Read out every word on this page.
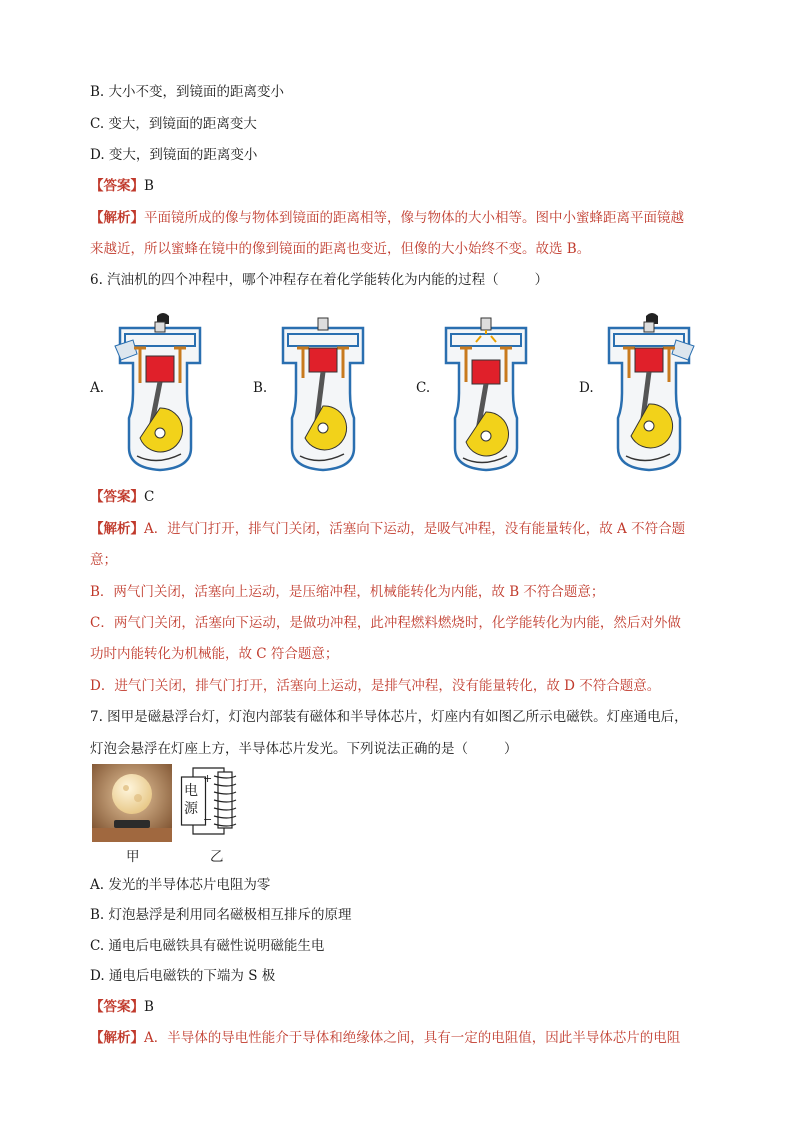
B. 大小不变，到镜面的距离变小
C. 变大，到镜面的距离变大
D. 变大，到镜面的距离变小
【答案】B
【解析】平面镜所成的像与物体到镜面的距离相等，像与物体的大小相等。图中小蜜蜂距离平面镜越
来越近，所以蜜蜂在镜中的像到镜面的距离也变近，但像的大小始终不变。故选 B。
6. 汽油机的四个冲程中，哪个冲程存在着化学能转化为内能的过程（	）
A.	B.	C.	D.
【答案】C
【解析】A．进气门打开，排气门关闭，活塞向下运动，是吸气冲程，没有能量转化，故 A 不符合题
意；
B．两气门关闭，活塞向上运动，是压缩冲程，机械能转化为内能，故 B 不符合题意；
C．两气门关闭，活塞向下运动，是做功冲程，此冲程燃料燃烧时，化学能转化为内能，然后对外做
功时内能转化为机械能，故 C 符合题意；
D．进气门关闭，排气门打开，活塞向上运动，是排气冲程，没有能量转化，故 D 不符合题意。
7. 图甲是磁悬浮台灯，灯泡内部装有磁体和半导体芯片，灯座内有如图乙所示电磁铁。灯座通电后，
灯泡会悬浮在灯座上方，半导体芯片发光。下列说法正确的是（	）
甲
电
源
+
−
乙
A. 发光的半导体芯片电阻为零
B. 灯泡悬浮是利用同名磁极相互排斥的原理
C. 通电后电磁铁具有磁性说明磁能生电
D. 通电后电磁铁的下端为 S 极
【答案】B
【解析】A．半导体的导电性能介于导体和绝缘体之间，具有一定的电阻值，因此半导体芯片的电阻
